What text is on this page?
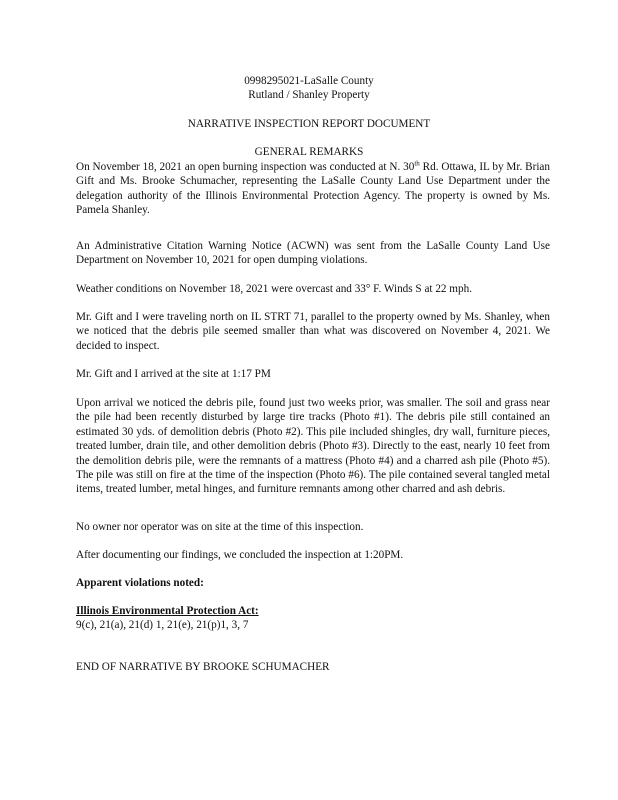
0998295021-LaSalle County
Rutland / Shanley Property
NARRATIVE INSPECTION REPORT DOCUMENT
GENERAL REMARKS
On November 18, 2021 an open burning inspection was conducted at N. 30th Rd. Ottawa, IL by Mr. Brian Gift and Ms. Brooke Schumacher, representing the LaSalle County Land Use Department under the delegation authority of the Illinois Environmental Protection Agency. The property is owned by Ms. Pamela Shanley.
An Administrative Citation Warning Notice (ACWN) was sent from the LaSalle County Land Use Department on November 10, 2021 for open dumping violations.
Weather conditions on November 18, 2021 were overcast and 33° F. Winds S at 22 mph.
Mr. Gift and I were traveling north on IL STRT 71, parallel to the property owned by Ms. Shanley, when we noticed that the debris pile seemed smaller than what was discovered on November 4, 2021. We decided to inspect.
Mr. Gift and I arrived at the site at 1:17 PM
Upon arrival we noticed the debris pile, found just two weeks prior, was smaller. The soil and grass near the pile had been recently disturbed by large tire tracks (Photo #1). The debris pile still contained an estimated 30 yds. of demolition debris (Photo #2). This pile included shingles, dry wall, furniture pieces, treated lumber, drain tile, and other demolition debris (Photo #3). Directly to the east, nearly 10 feet from the demolition debris pile, were the remnants of a mattress (Photo #4) and a charred ash pile (Photo #5). The pile was still on fire at the time of the inspection (Photo #6). The pile contained several tangled metal items, treated lumber, metal hinges, and furniture remnants among other charred and ash debris.
No owner nor operator was on site at the time of this inspection.
After documenting our findings, we concluded the inspection at 1:20PM.
Apparent violations noted:
Illinois Environmental Protection Act:
9(c), 21(a), 21(d) 1, 21(e), 21(p)1, 3, 7
END OF NARRATIVE BY BROOKE SCHUMACHER
